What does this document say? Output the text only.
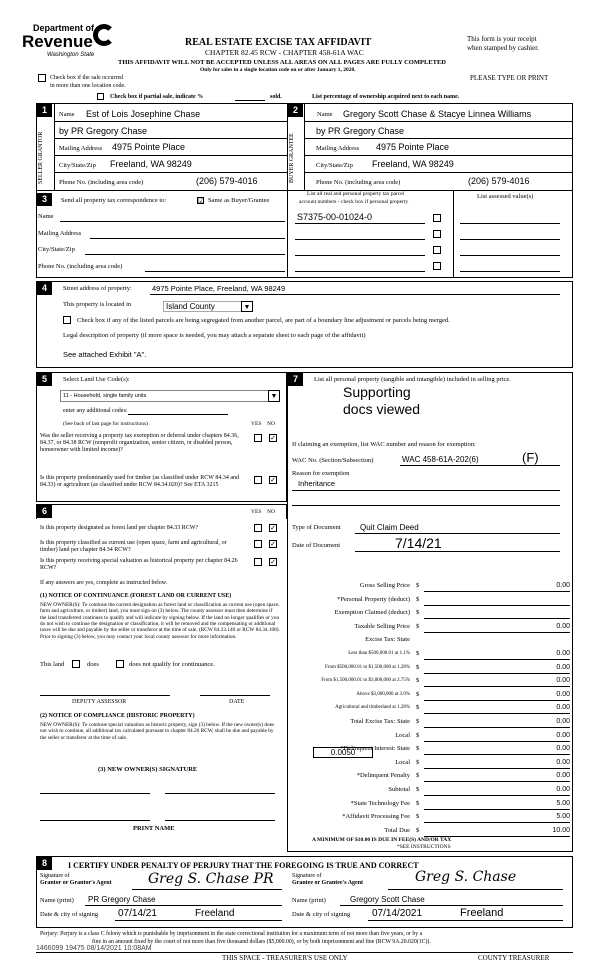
Department of
Revenue
Washington State
REAL ESTATE EXCISE TAX AFFIDAVIT
CHAPTER 82.45 RCW - CHAPTER 458-61A WAC
THIS AFFIDAVIT WILL NOT BE ACCEPTED UNLESS ALL AREAS ON ALL PAGES ARE FULLY COMPLETED
Only for sales in a single location code on or after January 1, 2020.
This form is your receipt
when stamped by cashier.
PLEASE TYPE OR PRINT
Check box if the sale occurred
in more than one location code.
Check box if partial sale, indicate %	sold.	List percentage of ownership acquired next to each name.
1
SELLER GRANTOR
Name Est of Lois Josephine Chase
by PR Gregory Chase
Mailing Address 4975 Pointe Place
City/State/Zip Freeland, WA 98249
Phone No. (including area code)	(206) 579-4016
2
BUYER GRANTEE
Name Gregory Scott Chase & Stacye Linnea Williams
by PR Gregory Chase
Mailing Address 4975 Pointe Place
City/State/Zip Freeland, WA 98249
Phone No. (including area code)	(206) 579-4016
3	Send all property tax correspondence to:	☑ Same as Buyer/Grantee
Name
Mailing Address
City/State/Zip
Phone No. (including area code)
List all real and personal property tax parcel
account numbers - check box if personal property
List assessed value(s)
S7375-00-01024-0
4	Street address of property:	4975 Pointe Place, Freeland, WA 98249
This property is located in	Island County	▼
Check box if any of the listed parcels are being segregated from another parcel, are part of a boundary line adjustment or parcels being merged.
Legal description of property (if more space is needed, you may attach a separate sheet to each page of the affidavit)
See attached Exhibit "A".
5	Select Land Use Code(s):
11 - Household, single family units	▼
enter any additional codes:
(See back of last page for instructions)	YES NO
Was the seller receiving a property tax exemption or deferral under chapters 84.36, 84.37, or 84.38 RCW (nonprofit organization, senior citizen, or disabled person, homeowner with limited income)?
✓
Is this property predominantly used for timber (as classified under RCW 84.34 and 84.33) or agriculture (as classified under RCW 84.34.020)? See ETA 3215
✓
6	YES NO
Is this property designated as forest land per chapter 84.33 RCW?	✓
Is this property classified as current use (open space, farm and agricultural, or timber) land per chapter 84.34 RCW?
✓
Is this property receiving special valuation as historical property per chapter 84.26 RCW?
✓
If any answers are yes, complete as instructed below.
(1) NOTICE OF CONTINUANCE (FOREST LAND OR CURRENT USE)
NEW OWNER(S): To continue the current designation as forest land or classification as current use (open space, farm and agriculture, or timber) land, you must sign on (3) below. The county assessor must then determine if the land transferred continues to qualify and will indicate by signing below. If the land no longer qualifies or you do not wish to continue the designation or classification, it will be removed and the compensating or additional taxes will be due and payable by the seller or transferor at the time of sale. (RCW 84.33.140 or RCW 84.34.108). Prior to signing (3) below, you may contact your local county assessor for more information.
This land	does	does not qualify for continuance.
DEPUTY ASSESSOR	DATE
(2) NOTICE OF COMPLIANCE (HISTORIC PROPERTY)
NEW OWNER(S): To continue special valuation as historic property, sign (3) below. If the new owner(s) does not wish to continue, all additional tax calculated pursuant to chapter 84.26 RCW, shall be due and payable by the seller or transferor at the time of sale.
(3) NEW OWNER(S) SIGNATURE
PRINT NAME
7	List all personal property (tangible and intangible) included in selling price.
Supporting
docs viewed
If claiming an exemption, list WAC number and reason for exemption:
WAC No. (Section/Subsection)	WAC 458-61A-202(6)	(F)
Reason for exemption
Inheritance
Type of Document Quit Claim Deed
Date of Document	7/14/21
Gross Selling Price $	0.00
*Personal Property (deduct) $
Exemption Claimed (deduct) $
Taxable Selling Price $	0.00
Excise Tax: State
Less than $500,000.01 at 1.1% $	0.00
From $500,000.01 to $1,500,000 at 1.28% $	0.00
From $1,500,000.01 to $3,000,000 at 2.75% $	0.00
Above $3,000,000 at 3.0% $	0.00
Agricultural and timberland at 1.28% $	0.00
Total Excise Tax: State $	0.00
Local $	0.00
*Delinquent Interest: State $	0.00
Local $	0.00
*Delinquent Penalty $	0.00
Subtotal $	0.00
*State Technology Fee $	5.00
*Affidavit Processing Fee $	5.00
Total Due $	10.00
0.0050
A MINIMUM OF $10.00 IS DUE IN FEE(S) AND/OR TAX
*SEE INSTRUCTIONS
8	I CERTIFY UNDER PENALTY OF PERJURY THAT THE FOREGOING IS TRUE AND CORRECT
Signature of
Grantor or Grantor's Agent	Greg S. Chase PR
Name (print) PR Gregory Chase
Date & city of signing 07/14/21	Freeland
Signature of
Grantee or Grantee's Agent	Greg S. Chase
Name (print)	Gregory Scott Chase
Date & city of signing 07/14/2021	Freeland
Perjury: Perjury is a class C felony which is punishable by imprisonment in the state correctional institution for a maximum term of not more than five years, or by a
fine in an amount fixed by the court of not more than five thousand dollars ($5,000.00), or by both imprisonment and fine (RCW 9A.20.020(1C)).
1466099 19475 08/14/2021 10:08AM
THIS SPACE - TREASURER'S USE ONLY	COUNTY TREASURER
